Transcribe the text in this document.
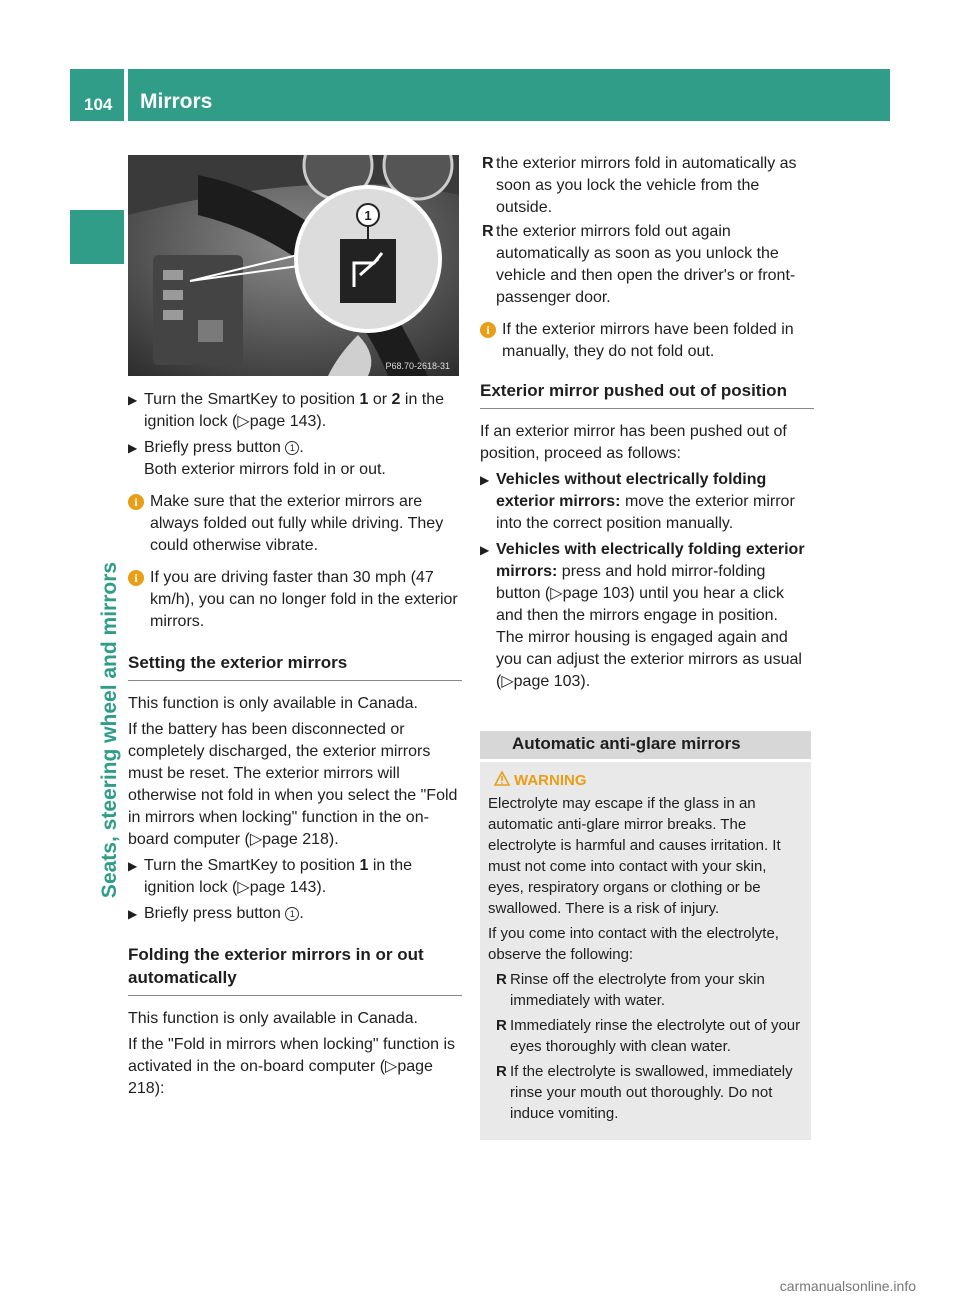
104 Mirrors
Seats, steering wheel and mirrors
1
P68.70-2618-31
▶ Turn the SmartKey to position 1 or 2 in the ignition lock (▷page 143).
▶ Briefly press button 1 .
Both exterior mirrors fold in or out.
i Make sure that the exterior mirrors are always folded out fully while driving. They could otherwise vibrate.
i If you are driving faster than 30 mph (47 km/h), you can no longer fold in the exterior mirrors.
Setting the exterior mirrors

This function is only available in Canada.

If the battery has been disconnected or completely discharged, the exterior mirrors must be reset. The exterior mirrors will otherwise not fold in when you select the "Fold in mirrors when locking" function in the on-board computer (▷page 218).

▶ Turn the SmartKey to position 1 in the ignition lock (▷page 143).
▶ Briefly press button 1 .
Folding the exterior mirrors in or out automatically

This function is only available in Canada.

If the "Fold in mirrors when locking" function is activated in the on-board computer (▷page 218):

R the exterior mirrors fold in automatically as soon as you lock the vehicle from the outside.
R the exterior mirrors fold out again automatically as soon as you unlock the vehicle and then open the driver's or front-passenger door.
i If the exterior mirrors have been folded in manually, they do not fold out.
Exterior mirror pushed out of position

If an exterior mirror has been pushed out of position, proceed as follows:

▶ Vehicles without electrically folding exterior mirrors: move the exterior mirror into the correct position manually.
▶ Vehicles with electrically folding exterior mirrors: press and hold mirror-folding button (▷page 103) until you hear a click and then the mirrors engage in position.
The mirror housing is engaged again and you can adjust the exterior mirrors as usual (▷page 103).
Automatic anti-glare mirrors
WARNING

Electrolyte may escape if the glass in an automatic anti-glare mirror breaks. The electrolyte is harmful and causes irritation. It must not come into contact with your skin, eyes, respiratory organs or clothing or be swallowed. There is a risk of injury.

If you come into contact with the electrolyte, observe the following:

R Rinse off the electrolyte from your skin immediately with water.
R Immediately rinse the electrolyte out of your eyes thoroughly with clean water.
R If the electrolyte is swallowed, immediately rinse your mouth out thoroughly. Do not induce vomiting.
carmanualsonline.info
